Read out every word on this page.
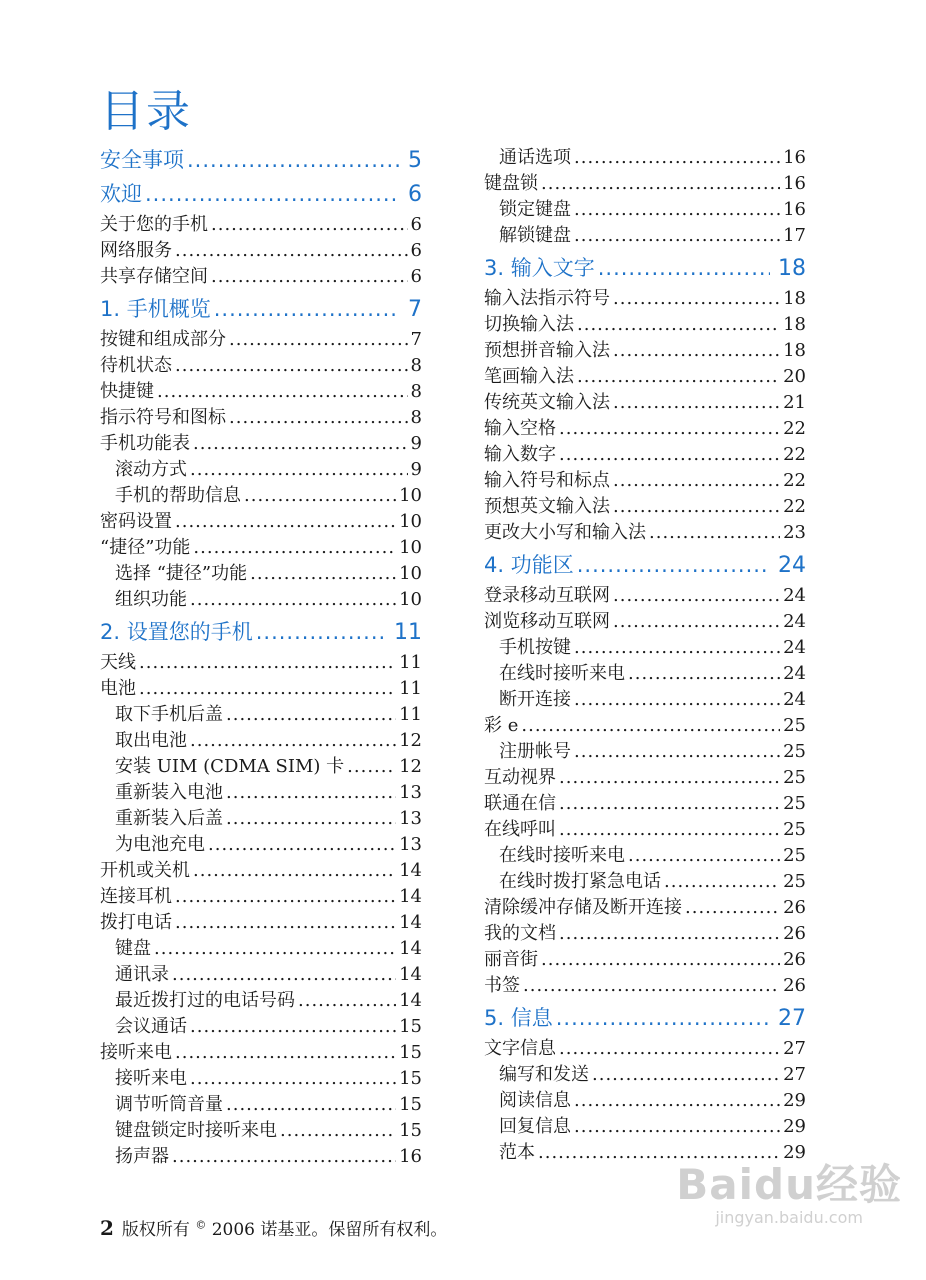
目录
安全事项 .....	5
欢迎 .....	6
关于您的手机 .....	6
网络服务 .....	6
共享存储空间 .....	6
1. 手机概览 .....	7
按键和组成部分 .....	7
待机状态 .....	8
快捷键 .....	8
指示符号和图标 .....	8
手机功能表 .....	9
滚动方式 .....	9
手机的帮助信息 .....	10
密码设置 .....	10
“捷径”功能 .....	10
选择 “捷径”功能 .....	10
组织功能 .....	10
2. 设置您的手机 .....	11
天线 .....	11
电池 .....	11
取下手机后盖 .....	11
取出电池 .....	12
安装 UIM (CDMA SIM) 卡 .....	12
重新装入电池 .....	13
重新装入后盖 .....	13
为电池充电 .....	13
开机或关机 .....	14
连接耳机 .....	14
拨打电话 .....	14
键盘 .....	14
通讯录 .....	14
最近拨打过的电话号码 .....	14
会议通话 .....	15
接听来电 .....	15
接听来电 .....	15
调节听筒音量 .....	15
键盘锁定时接听来电 .....	15
扬声器 .....	16
通话选项 .....	16
键盘锁 .....	16
锁定键盘 .....	16
解锁键盘 .....	17
3. 输入文字 .....	18
输入法指示符号 .....	18
切换输入法 .....	18
预想拼音输入法 .....	18
笔画输入法 .....	20
传统英文输入法 .....	21
输入空格 .....	22
输入数字 .....	22
输入符号和标点 .....	22
预想英文输入法 .....	22
更改大小写和输入法 .....	23
4. 功能区 .....	24
登录移动互联网 .....	24
浏览移动互联网 .....	24
手机按键 .....	24
在线时接听来电 .....	24
断开连接 .....	24
彩 e .....	25
注册帐号 .....	25
互动视界 .....	25
联通在信 .....	25
在线呼叫 .....	25
在线时接听来电 .....	25
在线时拨打紧急电话 .....	25
清除缓冲存储及断开连接 .....	26
我的文档 .....	26
丽音街 .....	26
书签 .....	26
5. 信息 .....	27
文字信息 .....	27
编写和发送 .....	27
阅读信息 .....	29
回复信息 .....	29
范本 .....	29
2 版权所有 © 2006 诺基亚。保留所有权利。
Baidu经验
jingyan.baidu.com
